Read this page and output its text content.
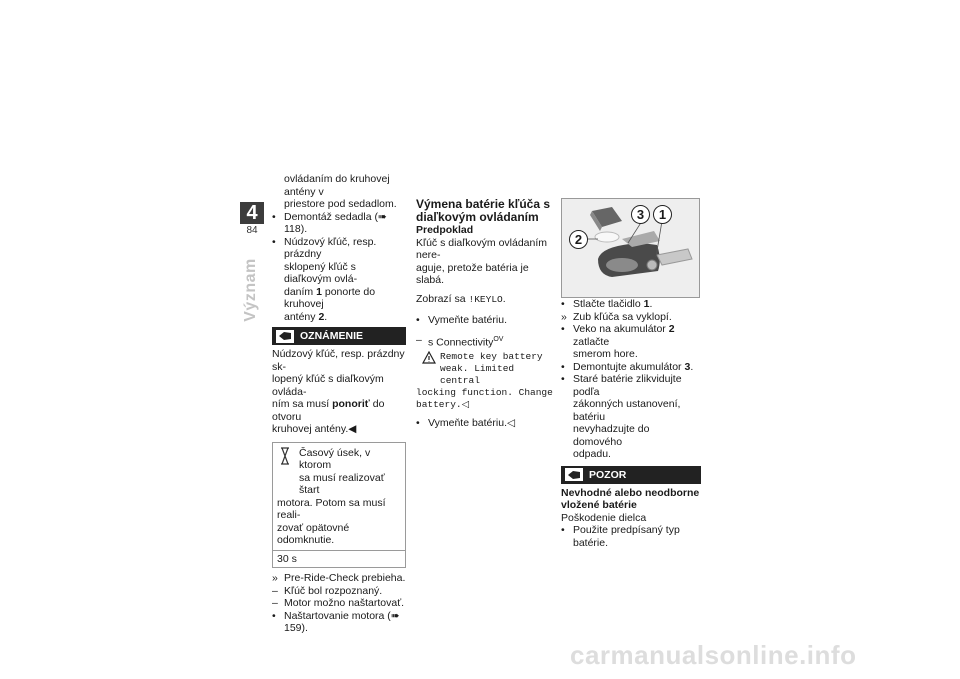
4
84
Význam

ovládaním do kruhovej antény v

priestore pod sedadlom.

• Demontáž sedadla (➠ 118).
• Núdzový kľúč, resp. prázdny
sklopený kľúč s diaľkovým ovlá-
daním 1 ponorte do kruhovej
antény 2.
OZNÁMENIE

Núdzový kľúč, resp. prázdny sk-

lopený kľúč s diaľkovým ovláda-

ním sa musí ponoriť do otvoru

kruhovej antény.◀

Časový úsek, v ktorom
sa musí realizovať štart
motora. Potom sa musí reali-
zovať opätovné odomknutie.
30 s
» Pre-Ride-Check prebieha.
– Kľúč bol rozpoznaný.
– Motor možno naštartovať.
• Naštartovanie motora (➠ 159).
Výmena batérie kľúča s
diaľkovým ovládaním

Predpoklad

Kľúč s diaľkovým ovládaním nere-

aguje, pretože batéria je slabá.

Zobrazí sa !KEYLO.

• Vymeňte batériu.
– s Connectivity$^{OV}$
Remote key battery
weak. Limited central
locking function. Change
battery.◁
• Vymeňte batériu.◁
3	1
2
• Stlačte tlačidlo 1.
» Zub kľúča sa vyklopí.
• Veko na akumulátor 2 zatlačte
smerom hore.
• Demontujte akumulátor 3.
• Staré batérie zlikvidujte podľa
zákonných ustanovení, batériu
nevyhadzujte do domového
odpadu.
POZOR

Nevhodné alebo neodborne

vložené batérie

Poškodenie dielca

• Použite predpísaný typ batérie.
carmanualsonline.info
